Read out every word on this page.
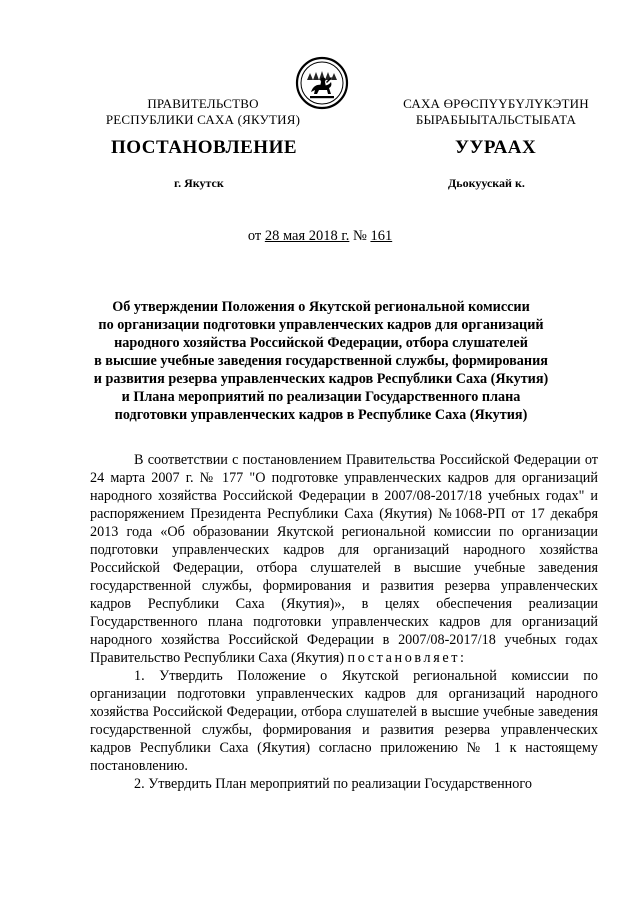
ПРАВИТЕЛЬСТВО
РЕСПУБЛИКИ САХА (ЯКУТИЯ)
САХА ӨРӨСПҮҮБҮЛҮКЭТИН
БЫРАБЫЫТАЛЬСТЫБАТА
ПОСТАНОВЛЕНИЕ	УУРААХ
г. Якутск	Дьокуускай к.
от 28 мая 2018 г. № 161
Об утверждении Положения о Якутской региональной комиссии
по организации подготовки управленческих кадров для организаций
народного хозяйства Российской Федерации, отбора слушателей
в высшие учебные заведения государственной службы, формирования
и развития резерва управленческих кадров Республики Саха (Якутия)
и Плана мероприятий по реализации Государственного плана
подготовки управленческих кадров в Республике Саха (Якутия)

В соответствии с постановлением Правительства Российской Федерации от 24 марта 2007 г. № 177 "О подготовке управленческих кадров для организаций народного хозяйства Российской Федерации в 2007/08-2017/18 учебных годах" и распоряжением Президента Республики Саха (Якутия) №1068-РП от 17 декабря 2013 года «Об образовании Якутской региональной комиссии по организации подготовки управленческих кадров для организаций народного хозяйства Российской Федерации, отбора слушателей в высшие учебные заведения государственной службы, формирования и развития резерва управленческих кадров Республики Саха (Якутия)», в целях обеспечения реализации Государственного плана подготовки управленческих кадров для организаций народного хозяйства Российской Федерации в 2007/08-2017/18 учебных годах Правительство Республики Саха (Якутия) постановляет:

1. Утвердить Положение о Якутской региональной комиссии по организации подготовки управленческих кадров для организаций народного хозяйства Российской Федерации, отбора слушателей в высшие учебные заведения государственной службы, формирования и развития резерва управленческих кадров Республики Саха (Якутия) согласно приложению № 1 к настоящему постановлению.

2. Утвердить План мероприятий по реализации Государственного
